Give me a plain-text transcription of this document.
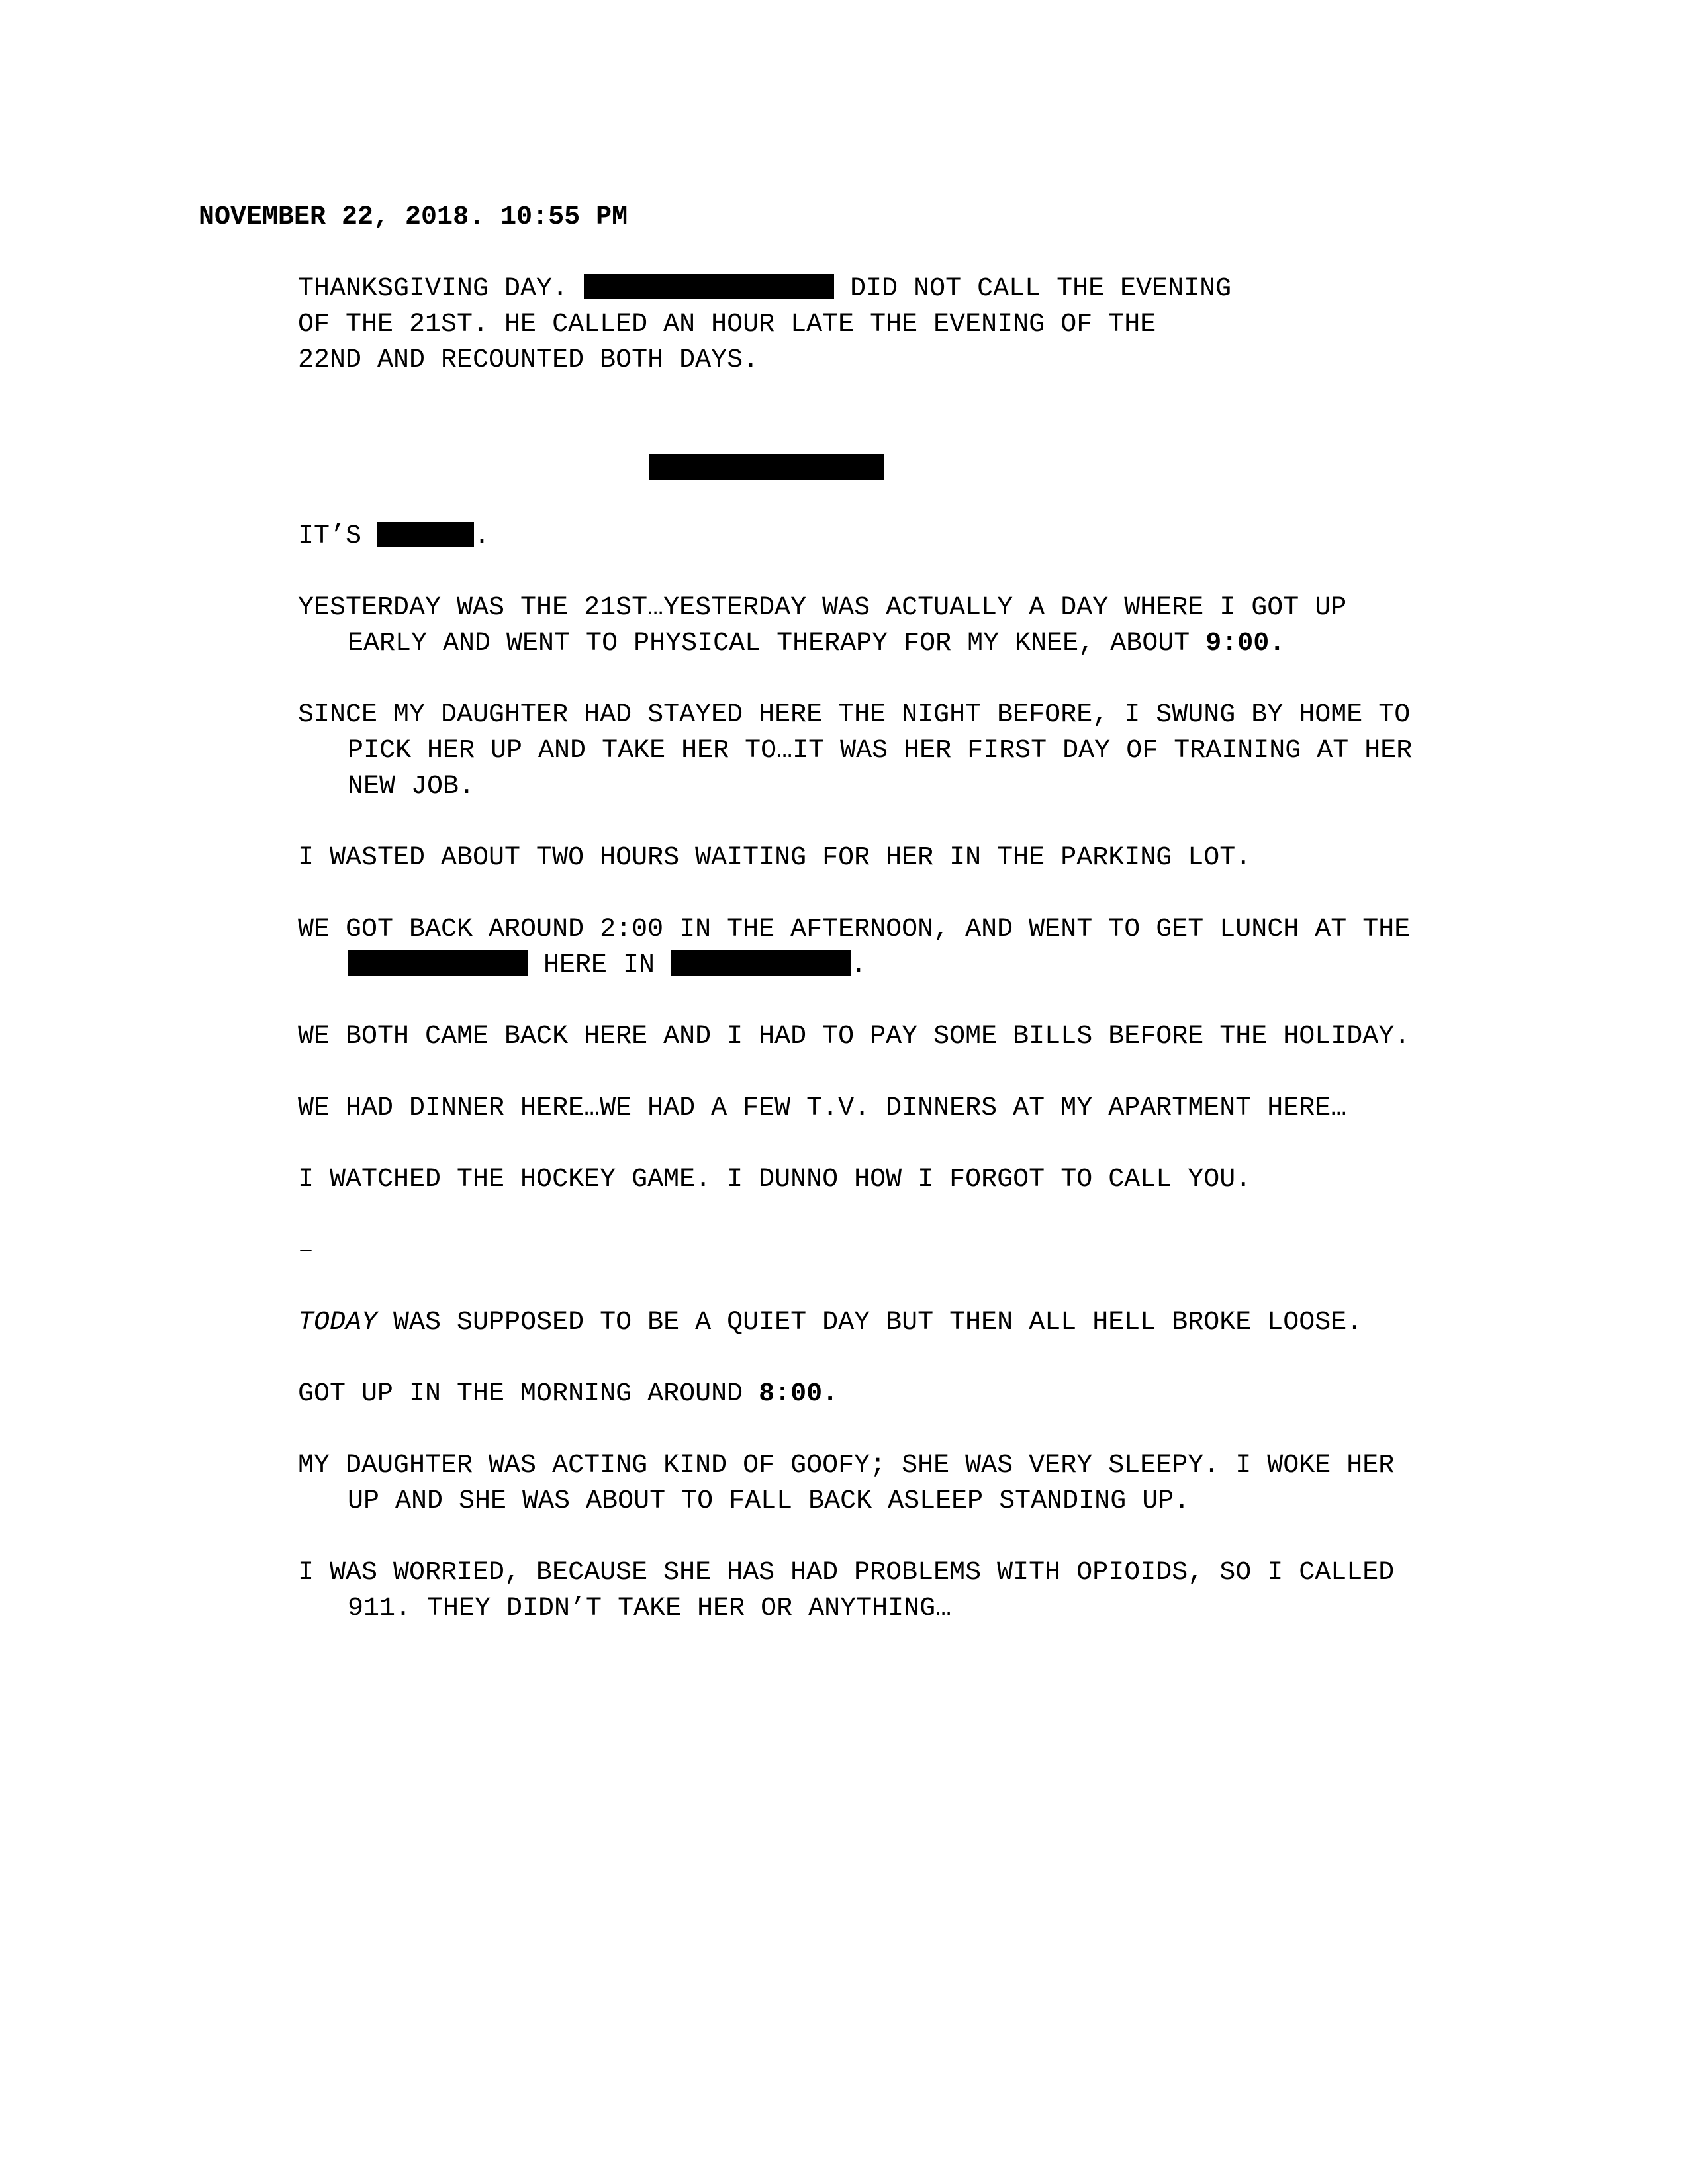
NOVEMBER 22, 2018. 10:55 PM
THANKSGIVING DAY.	DID NOT CALL THE EVENING
OF THE 21ST. HE CALLED AN HOUR LATE THE EVENING OF THE
22ND AND RECOUNTED BOTH DAYS.

IT’S	.

YESTERDAY WAS THE 21ST…YESTERDAY WAS ACTUALLY A DAY WHERE I GOT UP EARLY AND WENT TO PHYSICAL THERAPY FOR MY KNEE, ABOUT 9:00.

SINCE MY DAUGHTER HAD STAYED HERE THE NIGHT BEFORE, I SWUNG BY HOME TO PICK HER UP AND TAKE HER TO…IT WAS HER FIRST DAY OF TRAINING AT HER NEW JOB.

I WASTED ABOUT TWO HOURS WAITING FOR HER IN THE PARKING LOT.

WE GOT BACK AROUND 2:00 IN THE AFTERNOON, AND WENT TO GET LUNCH AT THE  HERE IN	.

WE BOTH CAME BACK HERE AND I HAD TO PAY SOME BILLS BEFORE THE HOLIDAY.

WE HAD DINNER HERE…WE HAD A FEW T.V. DINNERS AT MY APARTMENT HERE…

I WATCHED THE HOCKEY GAME. I DUNNO HOW I FORGOT TO CALL YOU.

–

TODAY WAS SUPPOSED TO BE A QUIET DAY BUT THEN ALL HELL BROKE LOOSE.

GOT UP IN THE MORNING AROUND 8:00.

MY DAUGHTER WAS ACTING KIND OF GOOFY; SHE WAS VERY SLEEPY. I WOKE HER UP AND SHE WAS ABOUT TO FALL BACK ASLEEP STANDING UP.

I WAS WORRIED, BECAUSE SHE HAS HAD PROBLEMS WITH OPIOIDS, SO I CALLED 911. THEY DIDN’T TAKE HER OR ANYTHING…
